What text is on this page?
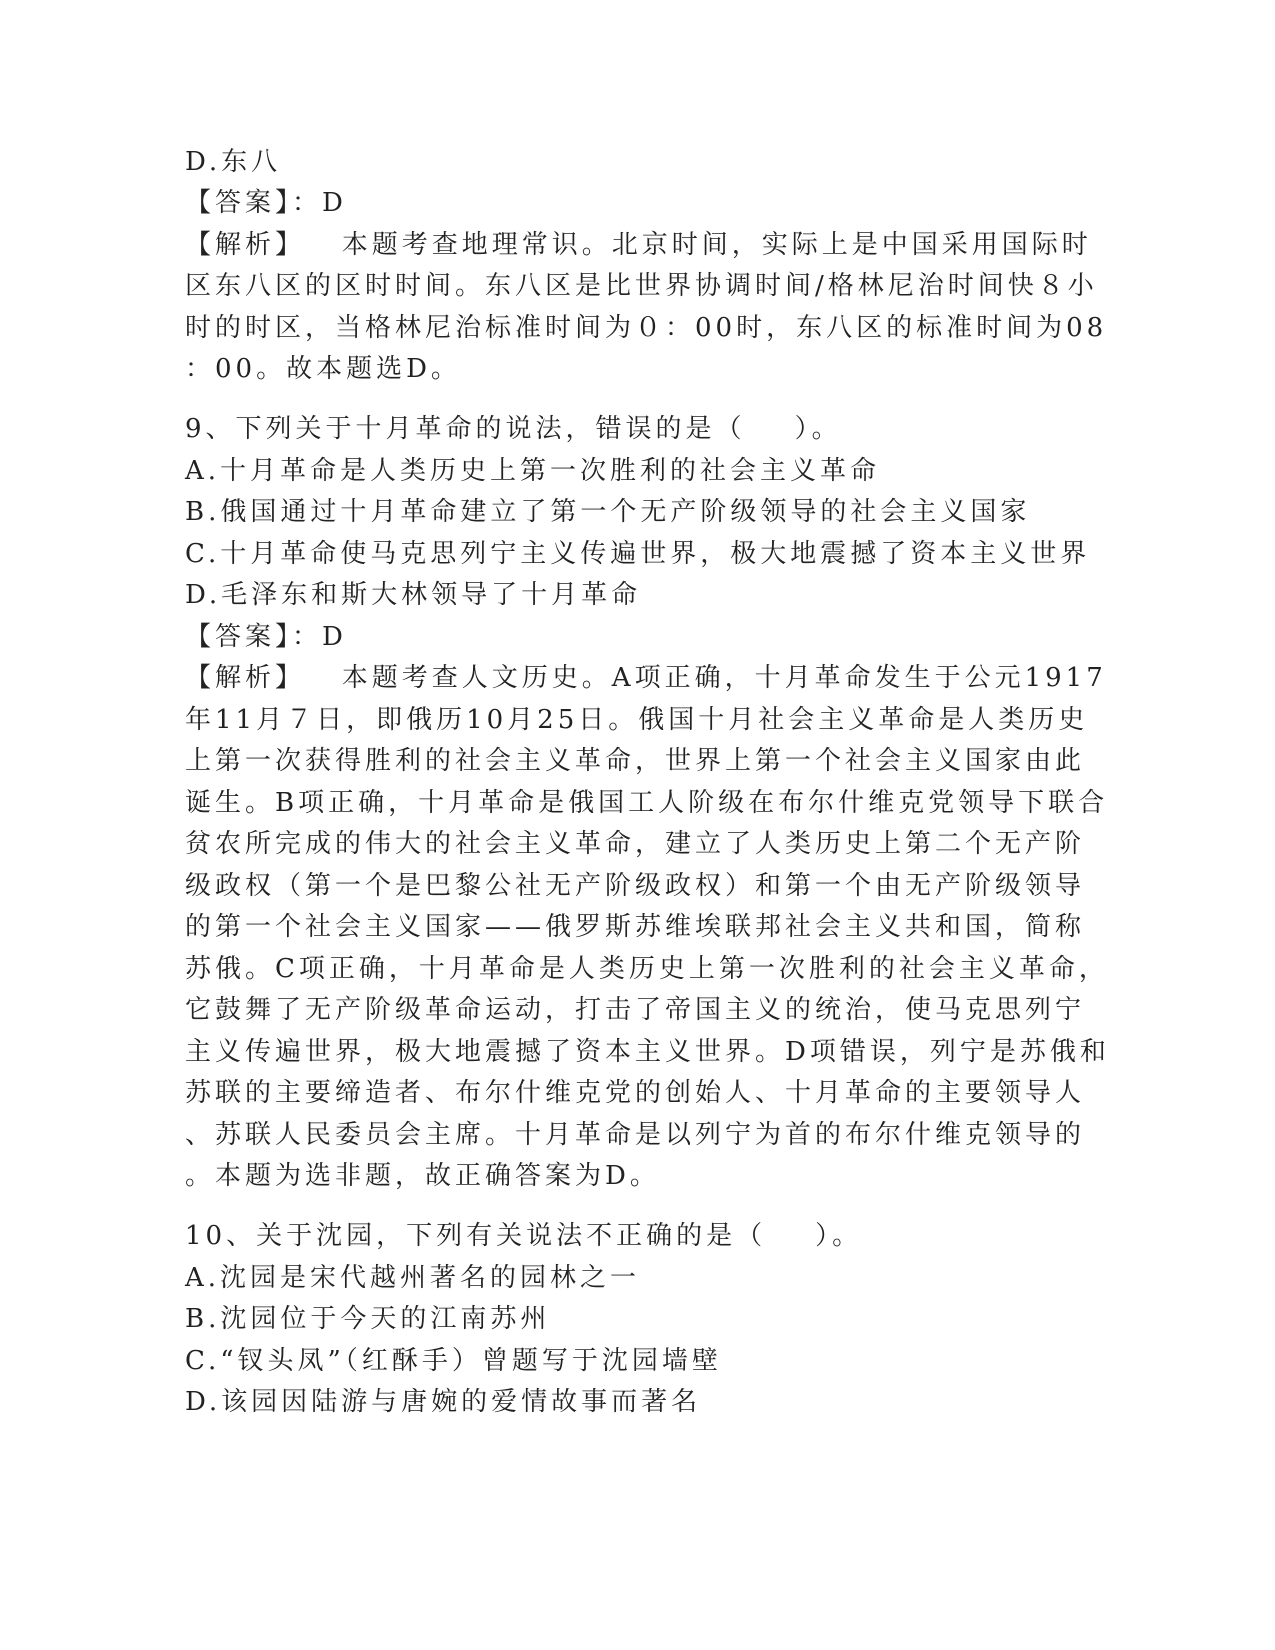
D.东八

【答案】：D

【解析】   本题考查地理常识。北京时间，实际上是中国采用国际时

区东八区的区时时间。东八区是比世界协调时间/格林尼治时间快８小

时的时区，当格林尼治标准时间为０：00时，东八区的标准时间为08

：00。故本题选D。

9、下列关于十月革命的说法，错误的是（    ）。

A.十月革命是人类历史上第一次胜利的社会主义革命

B.俄国通过十月革命建立了第一个无产阶级领导的社会主义国家

C.十月革命使马克思列宁主义传遍世界，极大地震撼了资本主义世界

D.毛泽东和斯大林领导了十月革命

【答案】：D

【解析】   本题考查人文历史。A项正确，十月革命发生于公元1917

年11月７日，即俄历10月25日。俄国十月社会主义革命是人类历史

上第一次获得胜利的社会主义革命，世界上第一个社会主义国家由此

诞生。B项正确，十月革命是俄国工人阶级在布尔什维克党领导下联合

贫农所完成的伟大的社会主义革命，建立了人类历史上第二个无产阶

级政权（第一个是巴黎公社无产阶级政权）和第一个由无产阶级领导

的第一个社会主义国家——俄罗斯苏维埃联邦社会主义共和国，简称

苏俄。C项正确，十月革命是人类历史上第一次胜利的社会主义革命，

它鼓舞了无产阶级革命运动，打击了帝国主义的统治，使马克思列宁

主义传遍世界，极大地震撼了资本主义世界。D项错误，列宁是苏俄和

苏联的主要缔造者、布尔什维克党的创始人、十月革命的主要领导人

、苏联人民委员会主席。十月革命是以列宁为首的布尔什维克领导的

。本题为选非题，故正确答案为D。

10、关于沈园，下列有关说法不正确的是（    ）。

A.沈园是宋代越州著名的园林之一

B.沈园位于今天的江南苏州

C.“钗头凤”（红酥手）曾题写于沈园墙壁

D.该园因陆游与唐婉的爱情故事而著名
